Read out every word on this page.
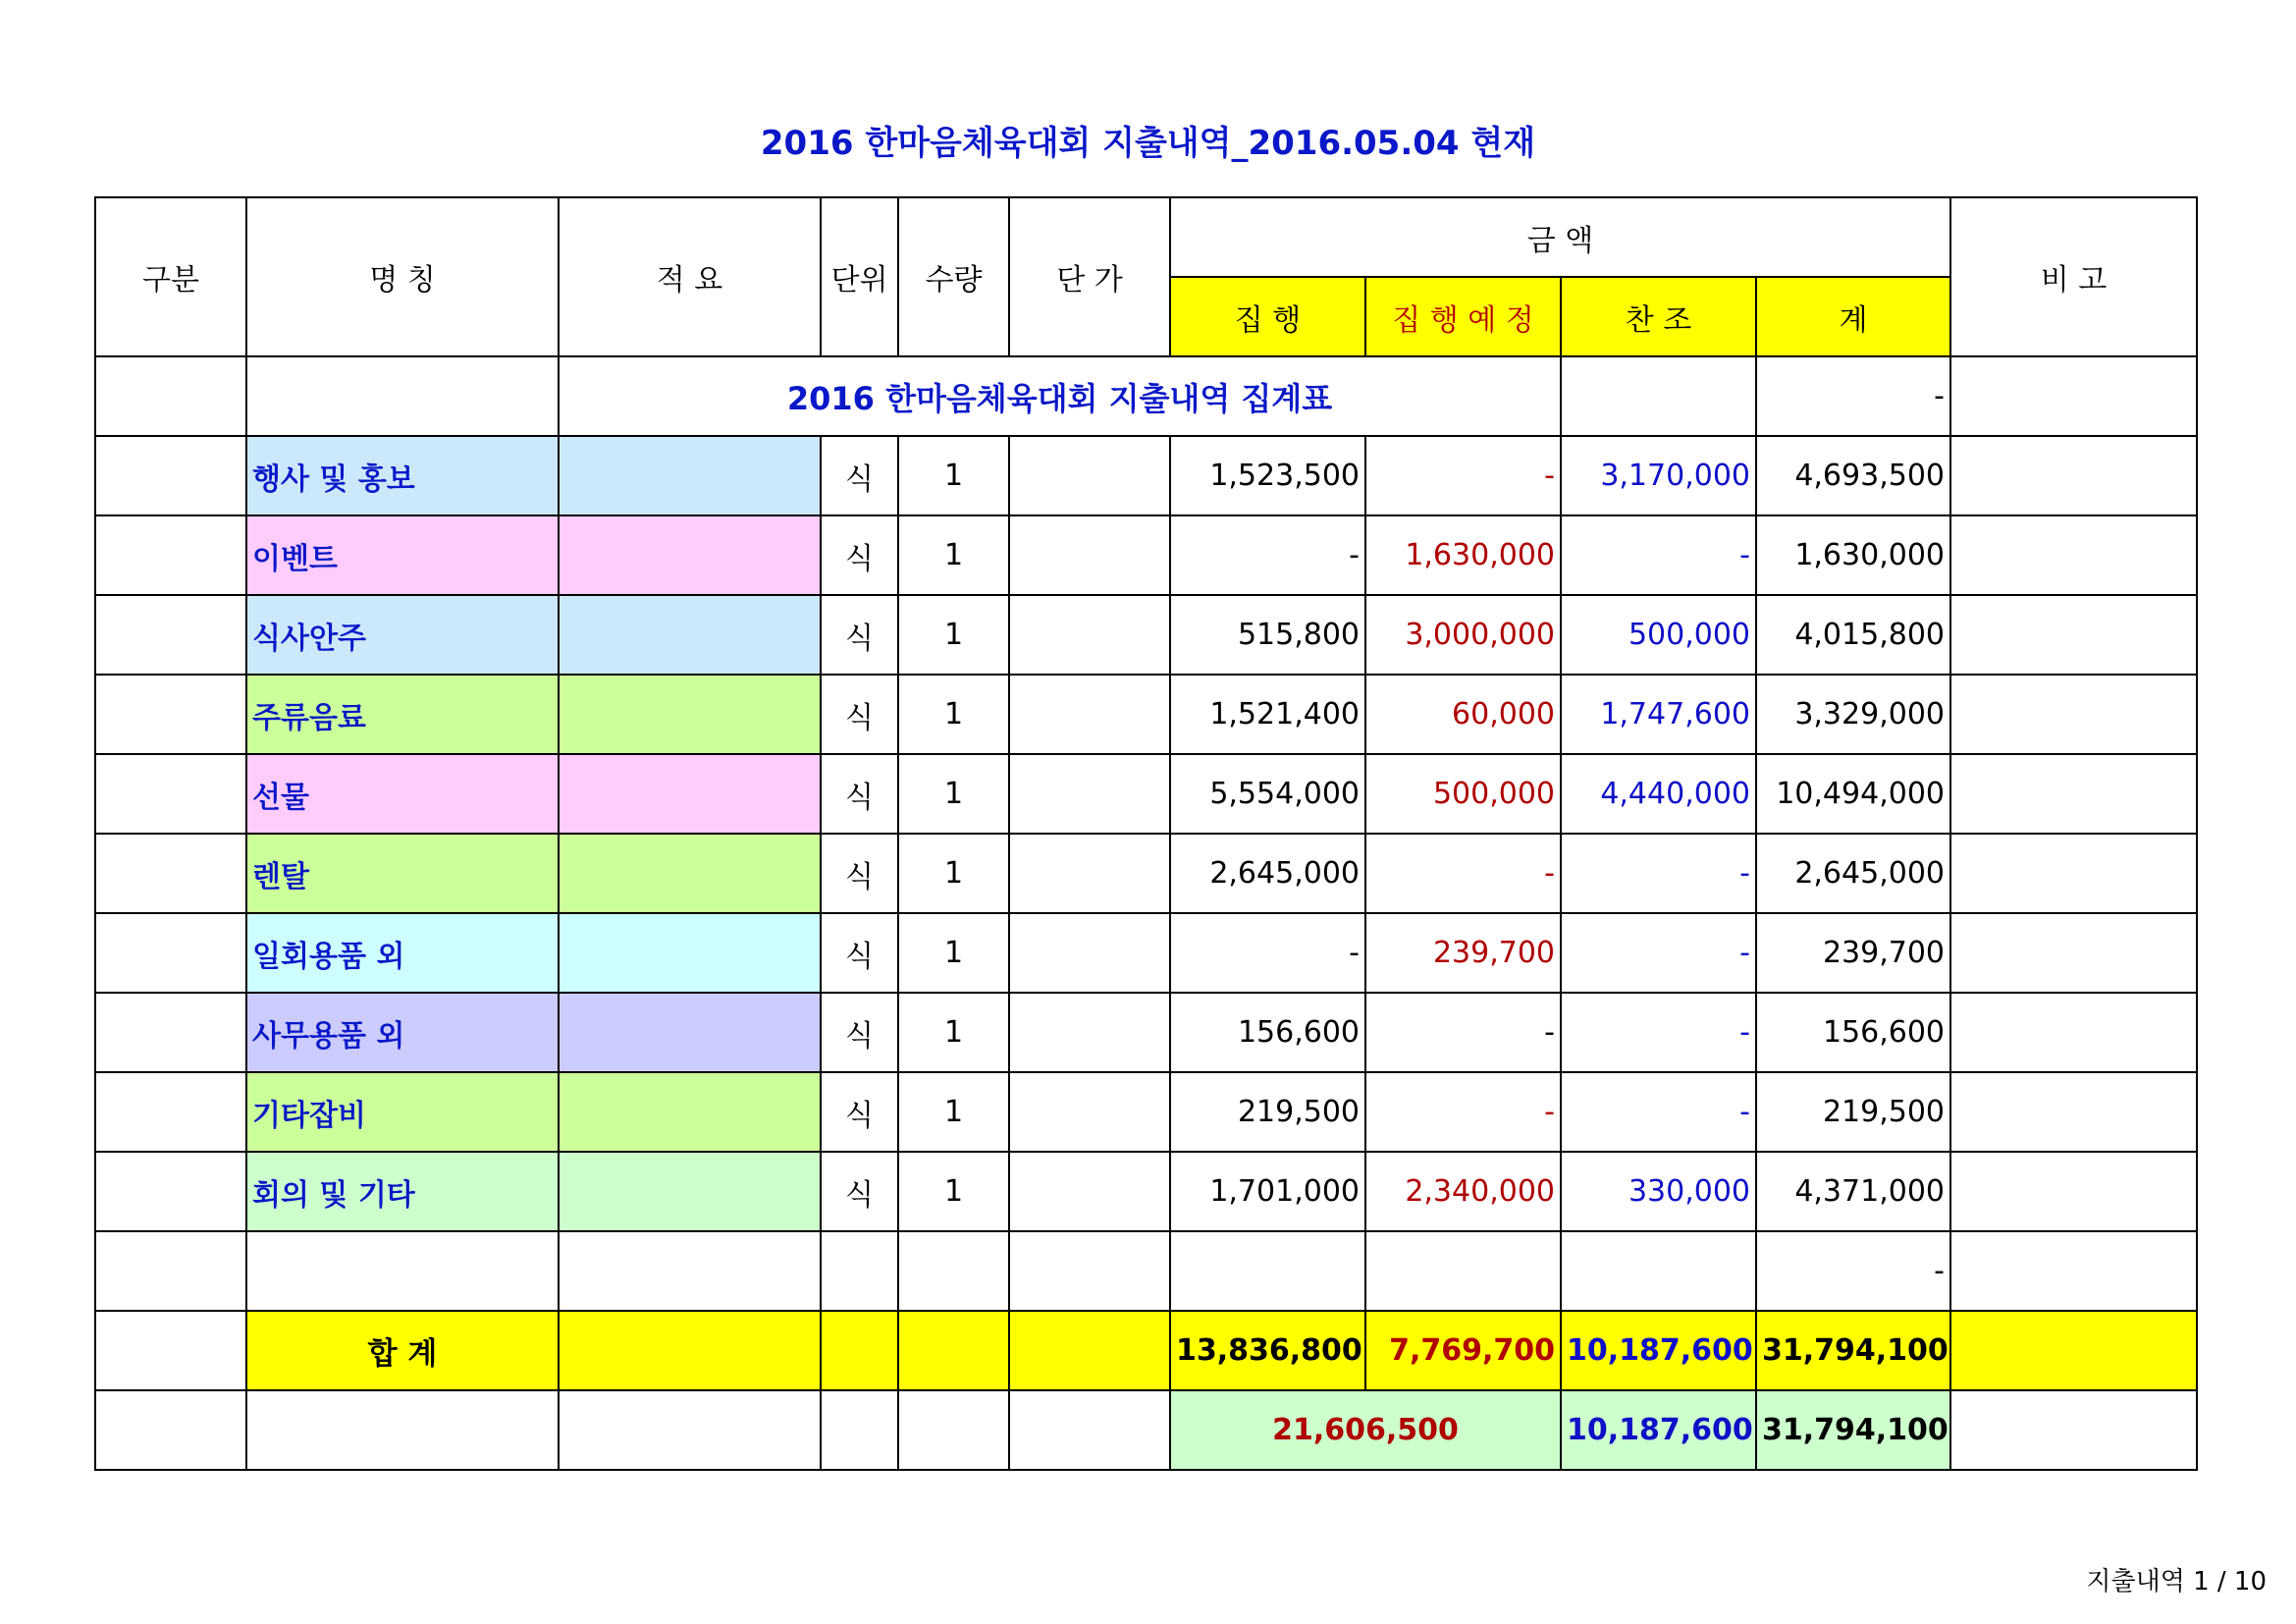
2016 한마음체육대회 지출내역_2016.05.04 현재
구분	명 칭	적 요	단위	수량	단 가	금 액				비 고
						집 행	집 행 예 정	찬 조	계	
		2016 한마음체육대회 지출내역 집계표							-	
	행사 및 홍보		식	1		1,523,500	-	3,170,000	4,693,500	
	이벤트		식	1		-	1,630,000	-	1,630,000	
	식사안주		식	1		515,800	3,000,000	500,000	4,015,800	
	주류음료		식	1		1,521,400	60,000	1,747,600	3,329,000	
	선물		식	1		5,554,000	500,000	4,440,000	10,494,000	
	렌탈		식	1		2,645,000	-	-	2,645,000	
	일회용품 외		식	1		-	239,700	-	239,700	
	사무용품 외		식	1		156,600	-	-	156,600	
	기타잡비		식	1		219,500	-	-	219,500	
	회의 및 기타		식	1		1,701,000	2,340,000	330,000	4,371,000	
									-	
	합 계					13,836,800	7,769,700	10,187,600	31,794,100	
						21,606,500		10,187,600	31,794,100	
지출내역 1 / 10
